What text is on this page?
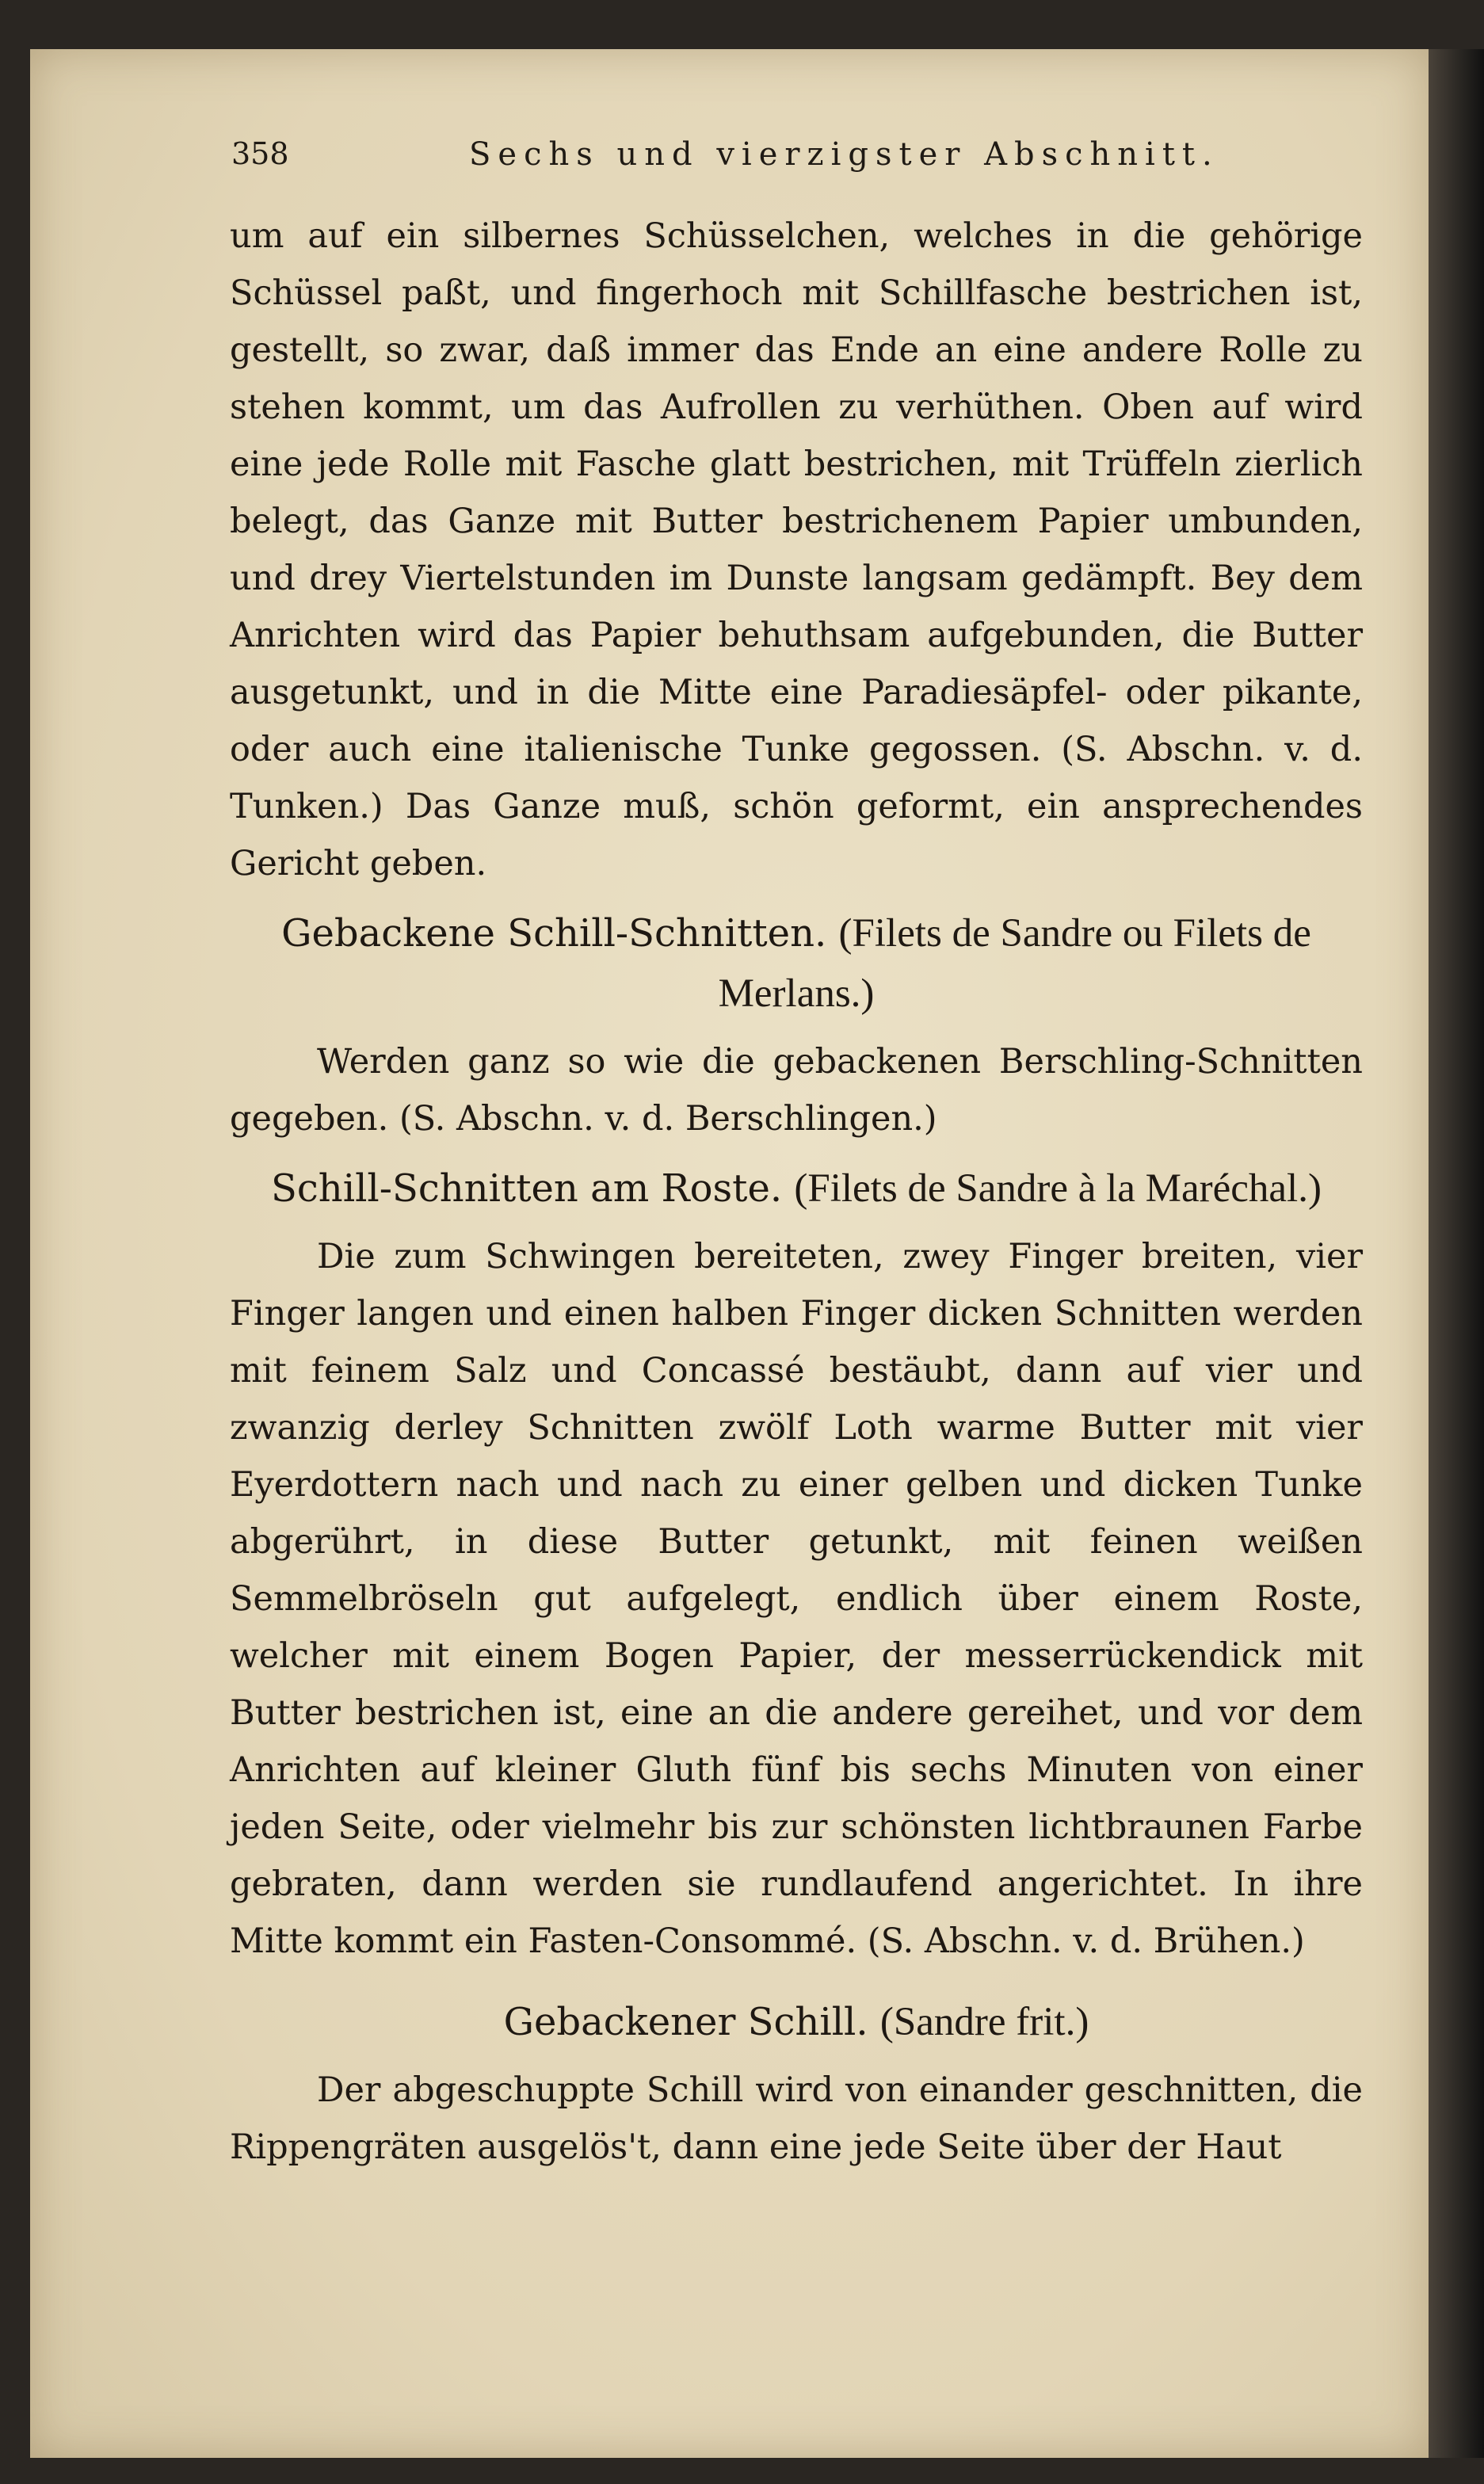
358	Sechs und vierzigster Abschnitt.

um auf ein silbernes Schüsselchen, welches in die gehörige Schüssel paßt, und fingerhoch mit Schillfasche bestrichen ist, gestellt, so zwar, daß immer das Ende an eine andere Rolle zu stehen kommt, um das Aufrollen zu verhüthen. Oben auf wird eine jede Rolle mit Fasche glatt bestrichen, mit Trüffeln zierlich belegt, das Ganze mit Butter bestrichenem Papier umbunden, und drey Viertelstunden im Dunste langsam gedämpft. Bey dem Anrichten wird das Papier behuthsam aufgebunden, die Butter ausgetunkt, und in die Mitte eine Paradiesäpfel- oder pikante, oder auch eine italienische Tunke gegossen. (S. Abschn. v. d. Tunken.) Das Ganze muß, schön geformt, ein ansprechendes Gericht geben.

Gebackene Schill-Schnitten. (Filets de Sandre ou Filets de Merlans.)

Werden ganz so wie die gebackenen Berschling-Schnitten gegeben. (S. Abschn. v. d. Berschlingen.)

Schill-Schnitten am Roste. (Filets de Sandre à la Maréchal.)

Die zum Schwingen bereiteten, zwey Finger breiten, vier Finger langen und einen halben Finger dicken Schnitten werden mit feinem Salz und Concassé bestäubt, dann auf vier und zwanzig derley Schnitten zwölf Loth warme Butter mit vier Eyerdottern nach und nach zu einer gelben und dicken Tunke abgerührt, in diese Butter getunkt, mit feinen weißen Semmelbröseln gut aufgelegt, endlich über einem Roste, welcher mit einem Bogen Papier, der messerrückendick mit Butter bestrichen ist, eine an die andere gereihet, und vor dem Anrichten auf kleiner Gluth fünf bis sechs Minuten von einer jeden Seite, oder vielmehr bis zur schönsten lichtbraunen Farbe gebraten, dann werden sie rundlaufend angerichtet. In ihre Mitte kommt ein Fasten-Consommé. (S. Abschn. v. d. Brühen.)

Gebackener Schill. (Sandre frit.)

Der abgeschuppte Schill wird von einander geschnitten, die Rippengräten ausgelös't, dann eine jede Seite über der Haut
